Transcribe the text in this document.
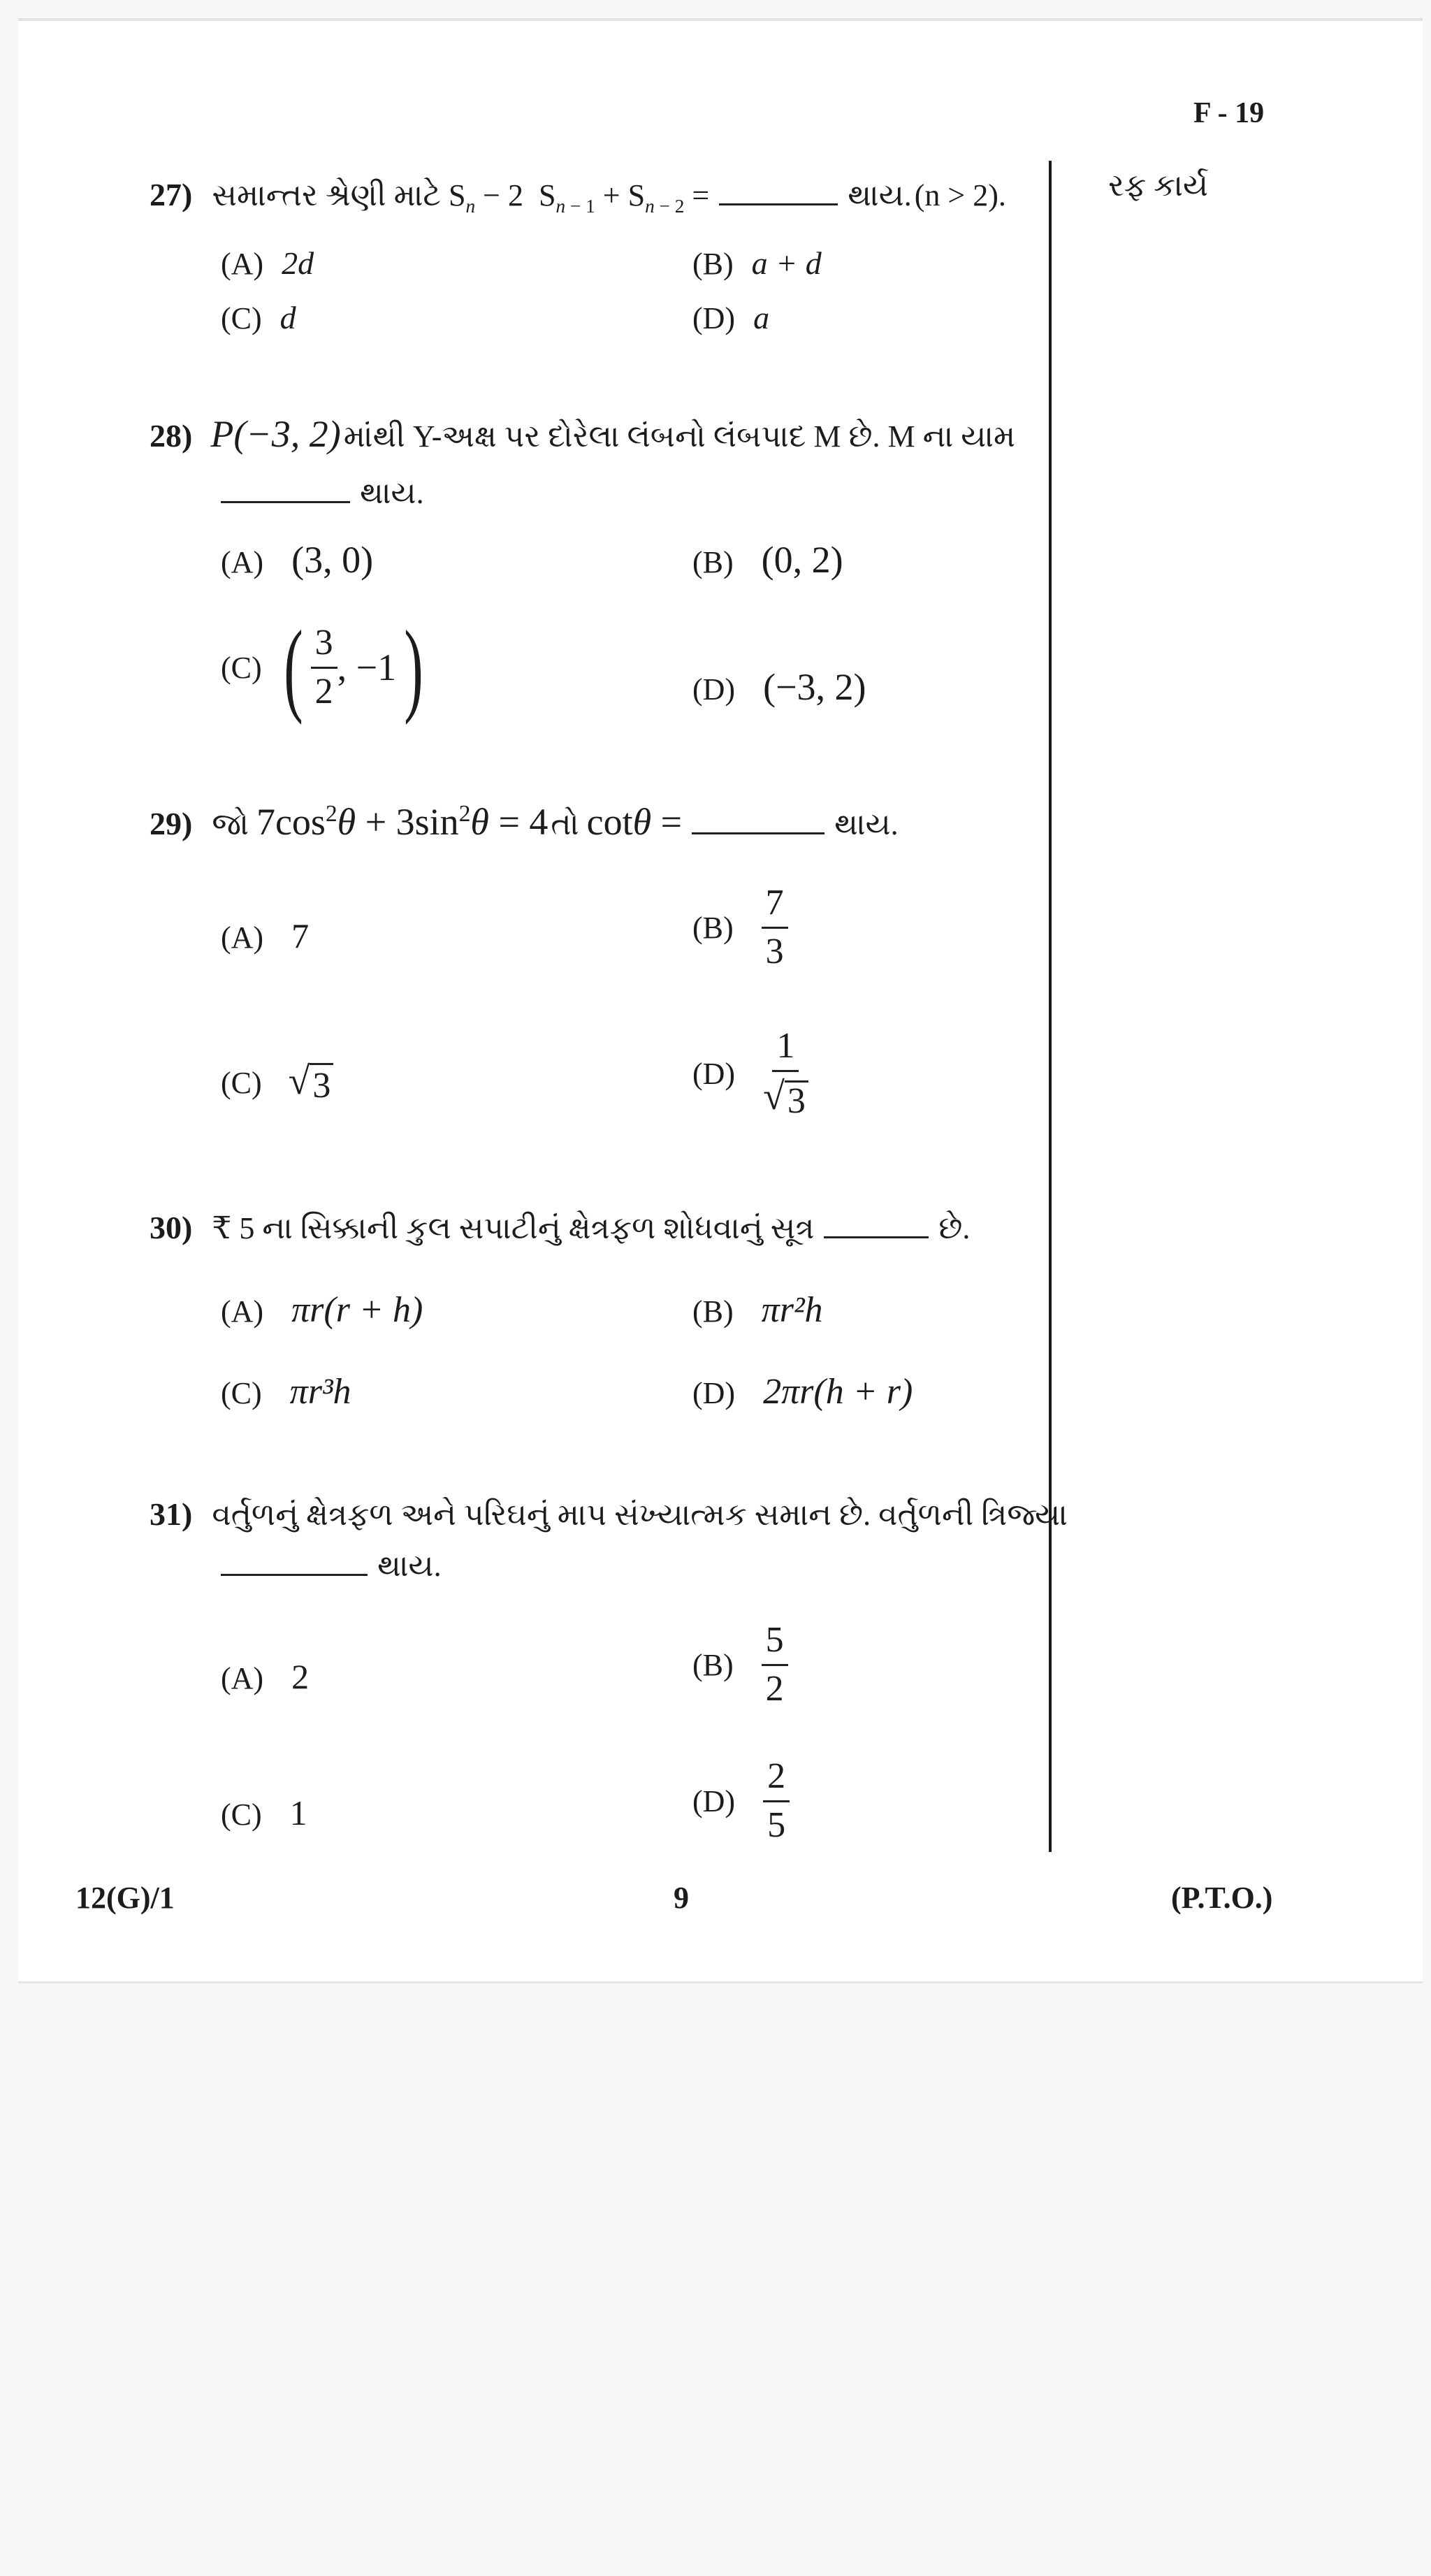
F - 19
રફ કાર્ય
27) સમાન્તર શ્રેણી માટે $S_n - 2$  $S_{n - 1} + S_{n - 2}$ =	થાય. (n > 2).
(A) 2d	(B) a + d
(C) d	(D) a
28) P(−3, 2) માંથી Y-અક્ષ પર દોરેલા લંબનો લંબપાદ M છે. M ના યામ
થાય.
(A) (3, 0)	(B) (0, 2)
(C) ( $\frac{3}{2}$ , −1 )	(D) (−3, 2)
29) જો $7\cos^2\theta + 3\sin^2\theta = 4$ તો cotθ =	થાય.
(A) 7	$(B) \frac{7}{3}$
(C) √ 3	$(D) \frac{1}{√ 3}$
30) ₹ 5 ના સિક્કાની કુલ સપાટીનું ક્ષેત્રફળ શોધવાનું સૂત્ર	છે.
(A) πr(r + h)	(B) πr²h
(C) πr³h	(D) 2πr(h + r)
31) વર્તુળનું ક્ષેત્રફળ અને પરિઘનું માપ સંખ્યાત્મક સમાન છે. વર્તુળની ત્રિજ્યા
થાય.
(A) 2	$(B) \frac{5}{2}$
(C) 1	$(D) \frac{2}{5}$
12(G)/1	9	(P.T.O.)
